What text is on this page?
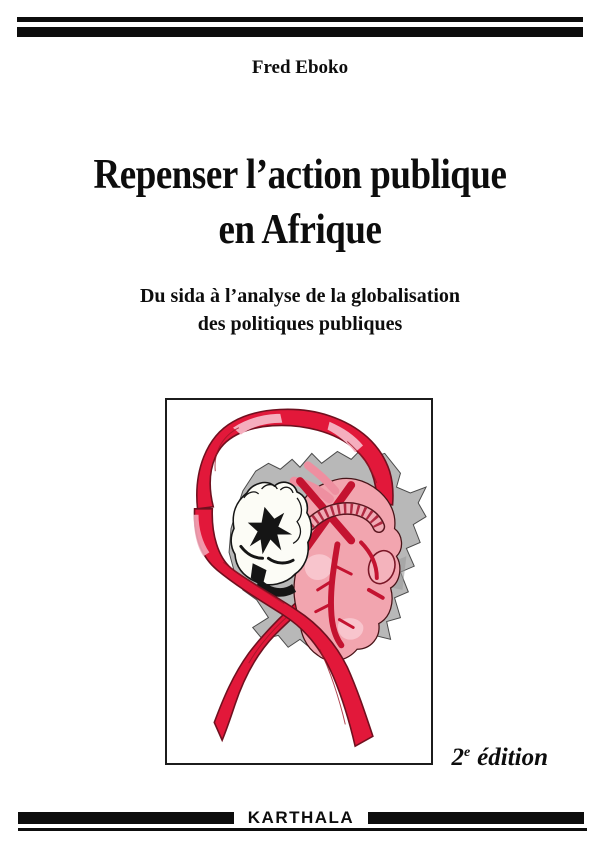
Fred Eboko
Repenser l’action publique
en Afrique
Du sida à l’analyse de la globalisation
des politiques publiques
2e édition
KARTHALA
